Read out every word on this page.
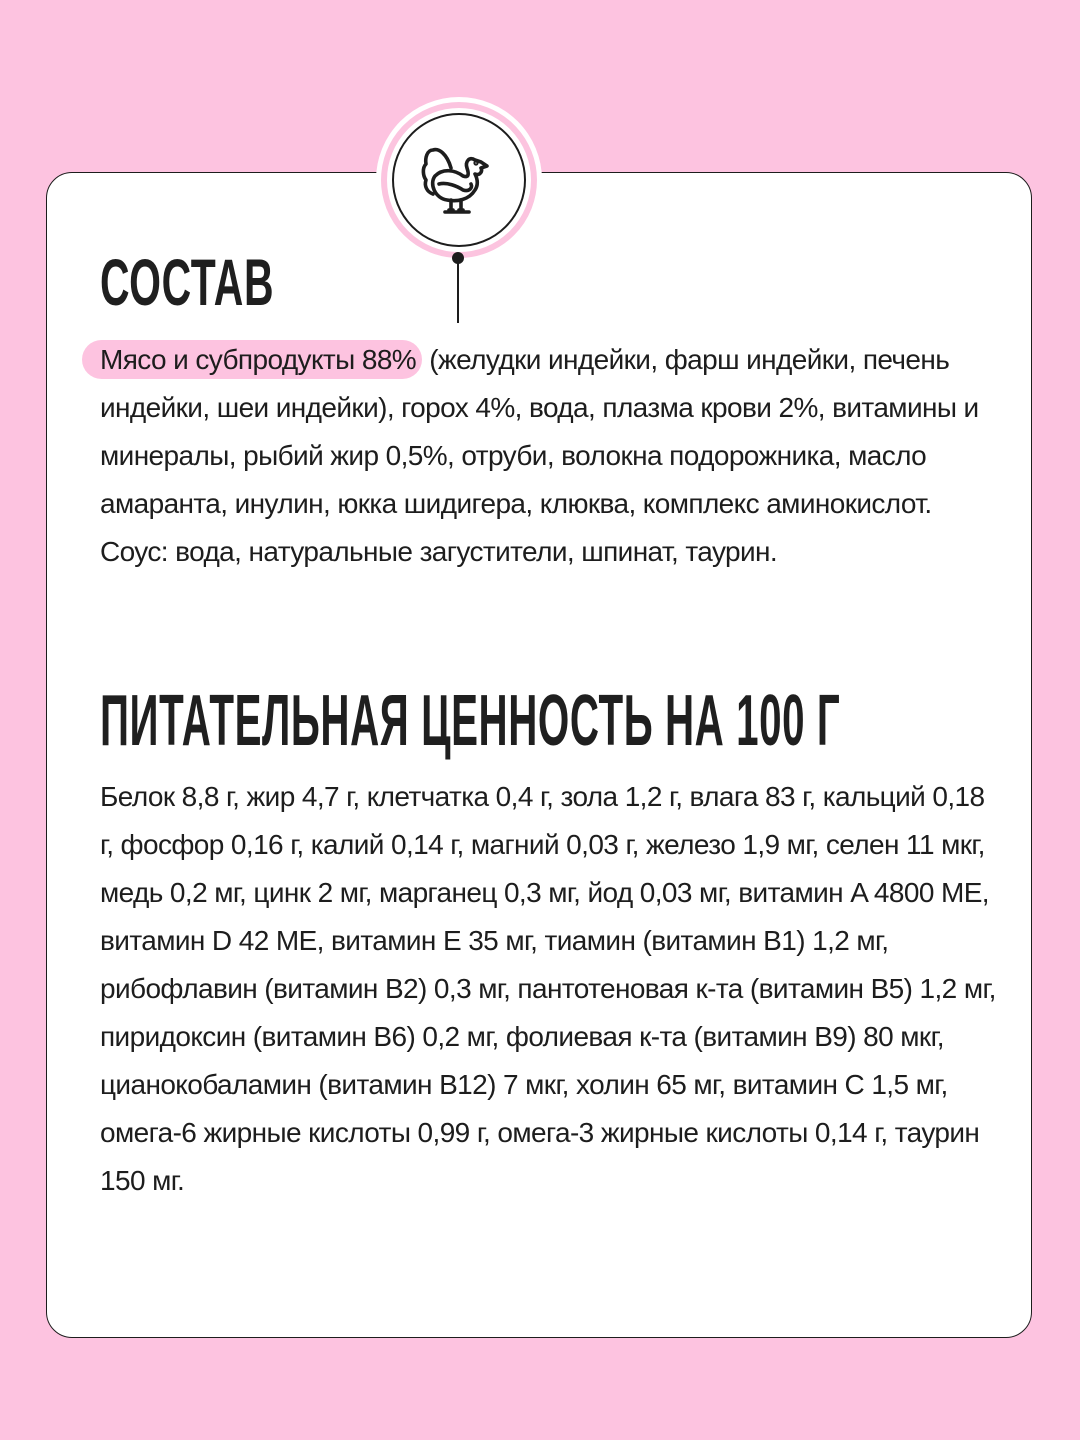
СОСТАВ
Мясо и субпродукты 88% (желудки индейки, фарш индейки, печень индейки, шеи индейки), горох 4%, вода, плазма крови 2%, витамины и минералы, рыбий жир 0,5%, отруби, волокна подорожника, масло амаранта, инулин, юкка шидигера, клюква, комплекс аминокислот. Соус: вода, натуральные загустители, шпинат, таурин.
ПИТАТЕЛЬНАЯ ЦЕННОСТЬ НА 100 Г
Белок 8,8 г, жир 4,7 г, клетчатка 0,4 г, зола 1,2 г, влага 83 г, кальций 0,18 г, фосфор 0,16 г, калий 0,14 г, магний 0,03 г, железо 1,9 мг, селен 11 мкг, медь 0,2 мг, цинк 2 мг, марганец 0,3 мг, йод 0,03 мг, витамин A 4800 МЕ, витамин D 42 МЕ, витамин E 35 мг, тиамин (витамин B1) 1,2 мг, рибофлавин (витамин B2) 0,3 мг, пантотеновая к-та (витамин B5) 1,2 мг, пиридоксин (витамин B6) 0,2 мг, фолиевая к-та (витамин B9) 80 мкг, цианокобаламин (витамин B12) 7 мкг, холин 65 мг, витамин C 1,5 мг, омега-6 жирные кислоты 0,99 г, омега-3 жирные кислоты 0,14 г, таурин 150 мг.
